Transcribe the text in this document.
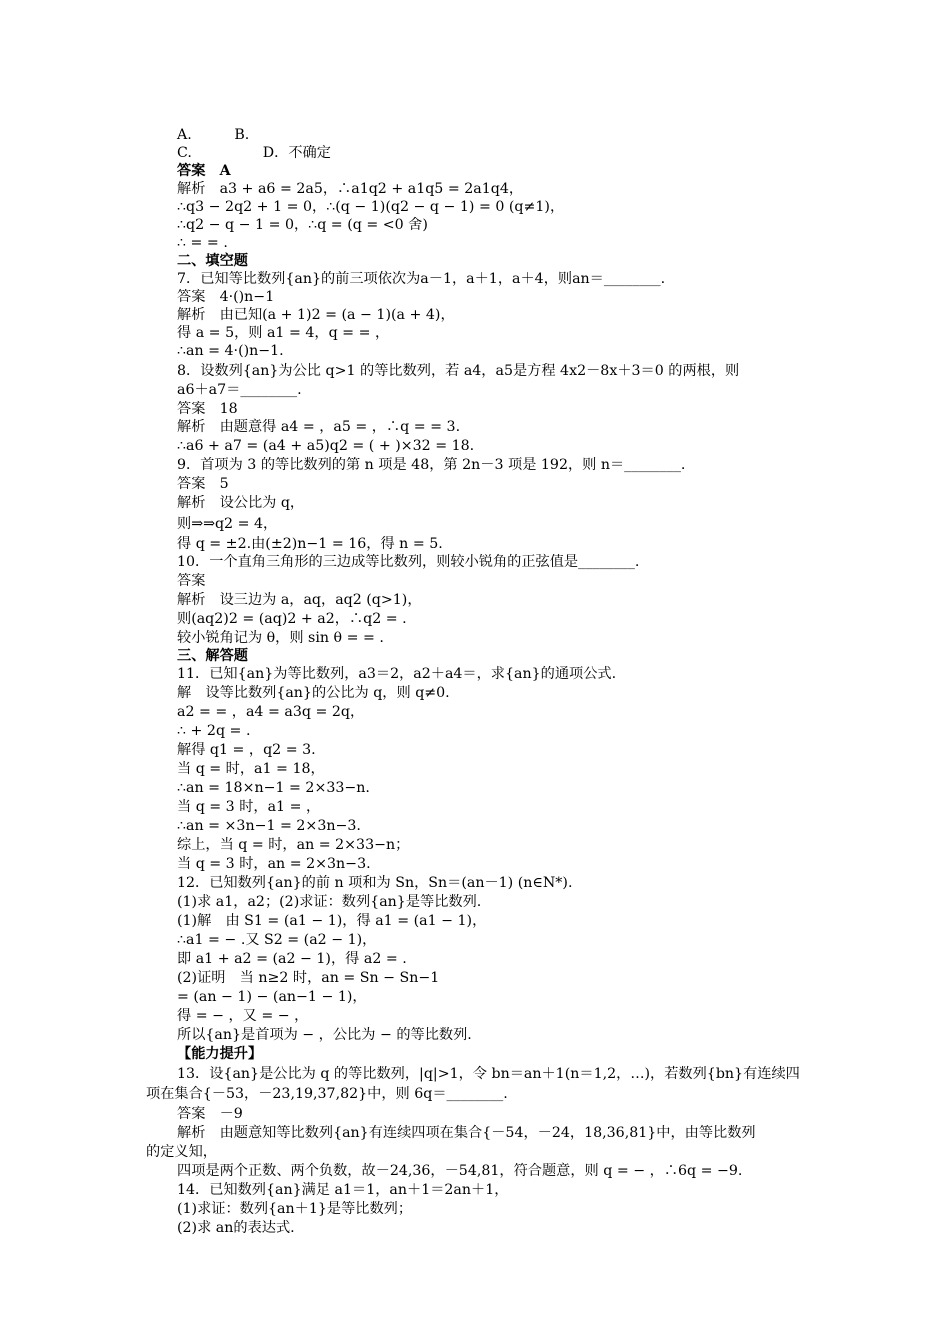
A.　　　B.
C.　　　　　D．不确定
答案　A
解析　a3 + a6 = 2a5，∴a1q2 + a1q5 = 2a1q4，
∴q3 − 2q2 + 1 = 0，∴(q − 1)(q2 − q − 1) = 0 (q≠1)，
∴q2 − q − 1 = 0，∴q = (q = <0 舍)
∴ = = .
二、填空题
7．已知等比数列{an}的前三项依次为a－1，a＋1，a＋4，则an＝________.
答案　4·()n−1
解析　由已知(a + 1)2 = (a − 1)(a + 4)，
得 a = 5，则 a1 = 4，q = = ，
∴an = 4·()n−1.
8．设数列{an}为公比 q>1 的等比数列，若 a4，a5是方程 4x2－8x＋3＝0 的两根，则
a6＋a7＝________.
答案　18
解析　由题意得 a4 = ，a5 = ，∴q = = 3.
∴a6 + a7 = (a4 + a5)q2 = ( + )×32 = 18.
9．首项为 3 的等比数列的第 n 项是 48，第 2n－3 项是 192，则 n＝________.
答案　5
解析　设公比为 q，
则⇒⇒q2 = 4，
得 q = ±2.由(±2)n−1 = 16，得 n = 5.
10．一个直角三角形的三边成等比数列，则较小锐角的正弦值是________.
答案
解析　设三边为 a，aq，aq2 (q>1)，
则(aq2)2 = (aq)2 + a2，∴q2 = .
较小锐角记为 θ，则 sin θ = = .
三、解答题
11．已知{an}为等比数列，a3＝2，a2＋a4＝，求{an}的通项公式.
解　设等比数列{an}的公比为 q，则 q≠0.
a2 = = ，a4 = a3q = 2q，
∴ + 2q = .
解得 q1 = ，q2 = 3.
当 q = 时，a1 = 18，
∴an = 18×n−1 = 2×33−n.
当 q = 3 时，a1 = ，
∴an = ×3n−1 = 2×3n−3.
综上，当 q = 时，an = 2×33−n；
当 q = 3 时，an = 2×3n−3.
12．已知数列{an}的前 n 项和为 Sn，Sn＝(an－1) (n∈N*).
(1)求 a1，a2；(2)求证：数列{an}是等比数列.
(1)解　由 S1 = (a1 − 1)，得 a1 = (a1 − 1)，
∴a1 = − .又 S2 = (a2 − 1)，
即 a1 + a2 = (a2 − 1)，得 a2 = .
(2)证明　当 n≥2 时，an = Sn − Sn−1
= (an − 1) − (an−1 − 1)，
得 = − ，又 = − ，
所以{an}是首项为 − ，公比为 − 的等比数列.
【能力提升】
13．设{an}是公比为 q 的等比数列，|q|>1，令 bn＝an＋1(n＝1,2，…)，若数列{bn}有连续四
项在集合{－53，－23,19,37,82}中，则 6q＝________.
答案　－9
解析　由题意知等比数列{an}有连续四项在集合{－54，－24，18,36,81}中，由等比数列
的定义知，
四项是两个正数、两个负数，故－24,36，－54,81，符合题意，则 q = − ，∴6q = −9.
14．已知数列{an}满足 a1＝1，an＋1＝2an＋1，
(1)求证：数列{an＋1}是等比数列；
(2)求 an的表达式.
